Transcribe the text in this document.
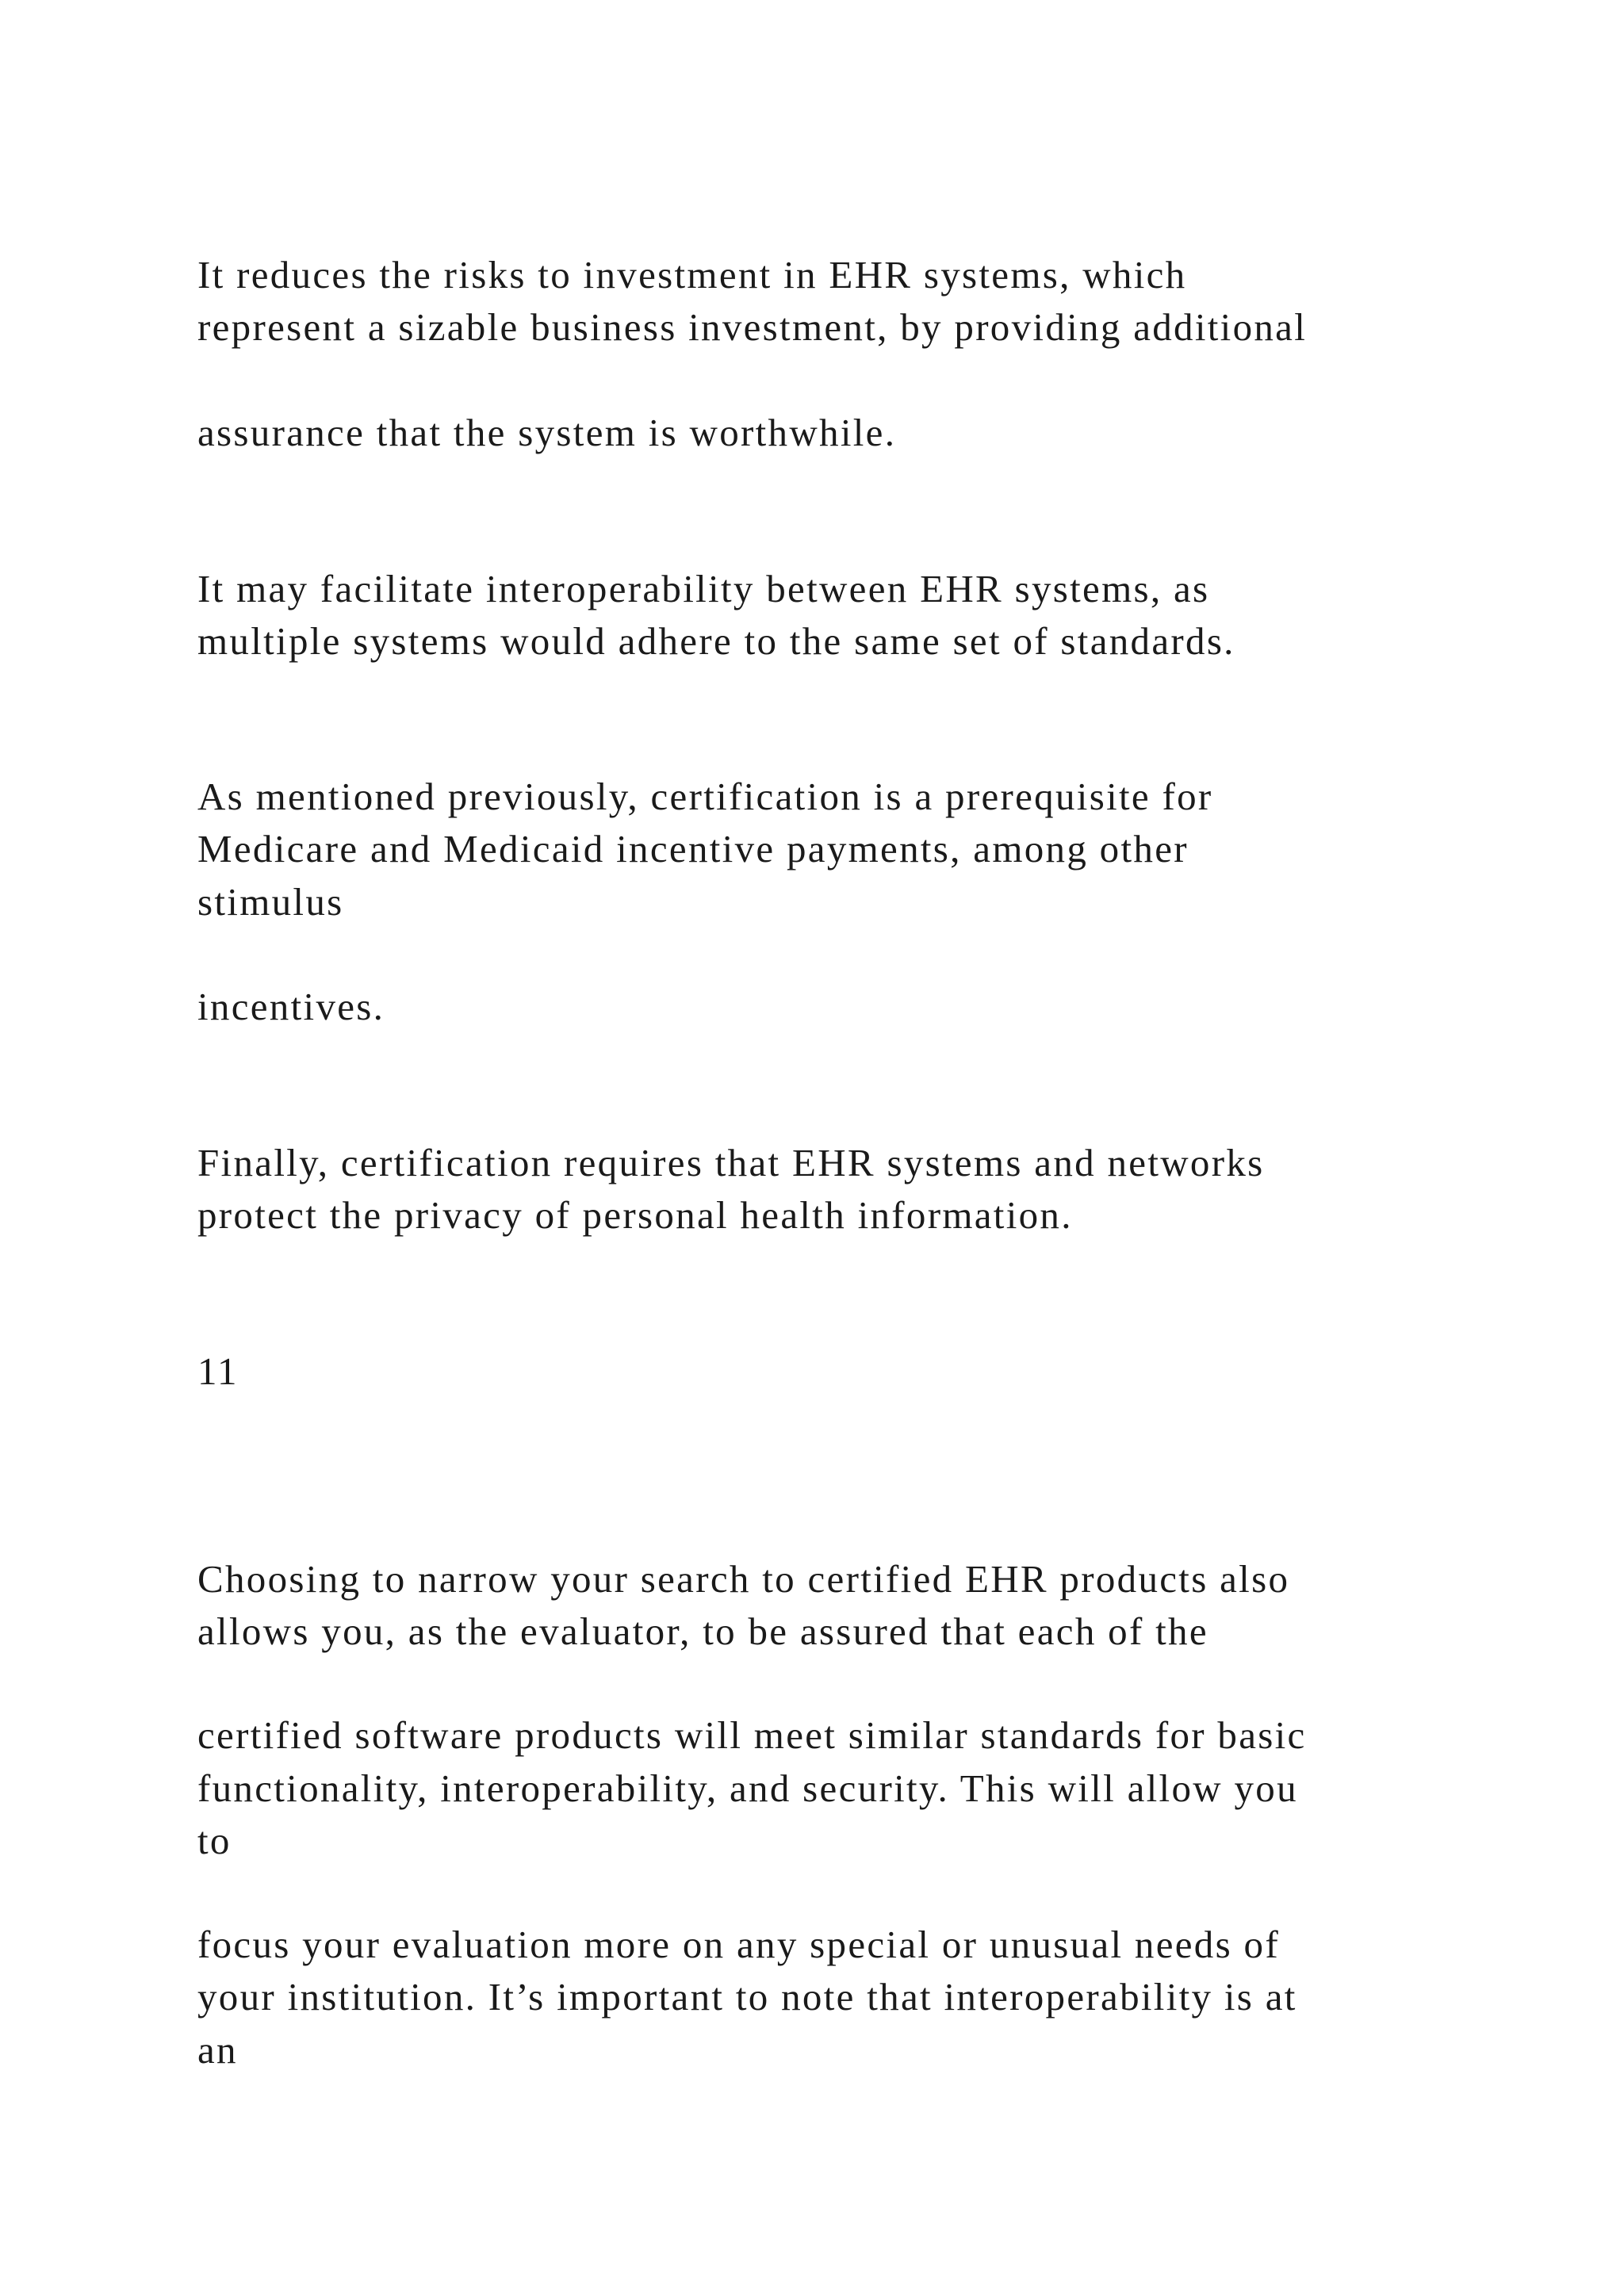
It reduces the risks to investment in EHR systems, which
represent a sizable business investment, by providing additional
assurance that the system is worthwhile.
It may facilitate interoperability between EHR systems, as
multiple systems would adhere to the same set of standards.
As mentioned previously, certification is a prerequisite for
Medicare and Medicaid incentive payments, among other
stimulus
incentives.
Finally, certification requires that EHR systems and networks
protect the privacy of personal health information.
11
Choosing to narrow your search to certified EHR products also
allows you, as the evaluator, to be assured that each of the
certified software products will meet similar standards for basic
functionality, interoperability, and security. This will allow you
to
focus your evaluation more on any special or unusual needs of
your institution. It’s important to note that interoperability is at
an
